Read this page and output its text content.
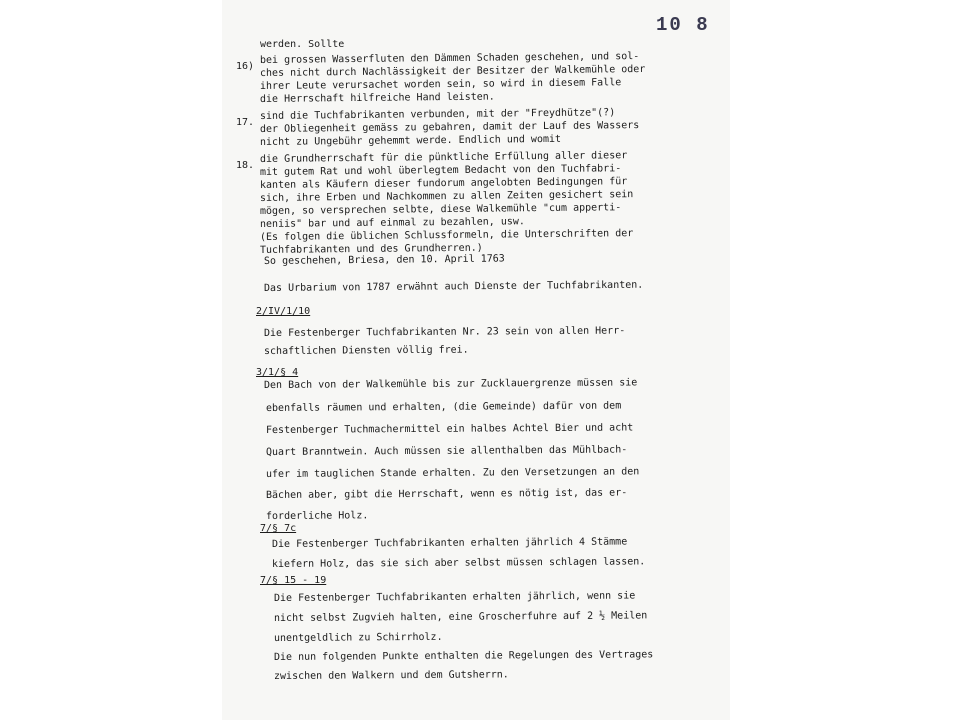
10 8
werden. Sollte
16)
bei grossen Wasserfluten den Dämmen Schaden geschehen, und sol-
ches nicht durch Nachlässigkeit der Besitzer der Walkemühle oder
ihrer Leute verursachet worden sein, so wird in diesem Falle
die Herrschaft hilfreiche Hand leisten.
17.
sind die Tuchfabrikanten verbunden, mit der "Freydhütze"(?)
der Obliegenheit gemäss zu gebahren, damit der Lauf des Wassers
nicht zu Ungebühr gehemmt werde. Endlich und womit
18.
die Grundherrschaft für die pünktliche Erfüllung aller dieser
mit gutem Rat und wohl überlegtem Bedacht von den Tuchfabri-
kanten als Käufern dieser fundorum angelobten Bedingungen für
sich, ihre Erben und Nachkommen zu allen Zeiten gesichert sein
mögen, so versprechen selbte, diese Walkemühle "cum apperti-
neniis" bar und auf einmal zu bezahlen, usw.
(Es folgen die üblichen Schlussformeln, die Unterschriften der
Tuchfabrikanten und des Grundherren.)
So geschehen, Briesa, den 10. April 1763
Das Urbarium von 1787 erwähnt auch Dienste der Tuchfabrikanten.
2/IV/1/10
Die Festenberger Tuchfabrikanten Nr. 23 sein von allen Herr-
schaftlichen Diensten völlig frei.
3/1/§ 4
Den Bach von der Walkemühle bis zur Zucklauergrenze müssen sie
ebenfalls räumen und erhalten, (die Gemeinde) dafür von dem
Festenberger Tuchmachermittel ein halbes Achtel Bier und acht
Quart Branntwein. Auch müssen sie allenthalben das Mühlbach-
ufer im tauglichen Stande erhalten. Zu den Versetzungen an den
Bächen aber, gibt die Herrschaft, wenn es nötig ist, das er-
forderliche Holz.
7/§ 7c
Die Festenberger Tuchfabrikanten erhalten jährlich 4 Stämme
kiefern Holz, das sie sich aber selbst müssen schlagen lassen.
7/§ 15 - 19
Die Festenberger Tuchfabrikanten erhalten jährlich, wenn sie
nicht selbst Zugvieh halten, eine Groscherfuhre auf 2 ½ Meilen
unentgeldlich zu Schirrholz.
Die nun folgenden Punkte enthalten die Regelungen des Vertrages
zwischen den Walkern und dem Gutsherrn.
